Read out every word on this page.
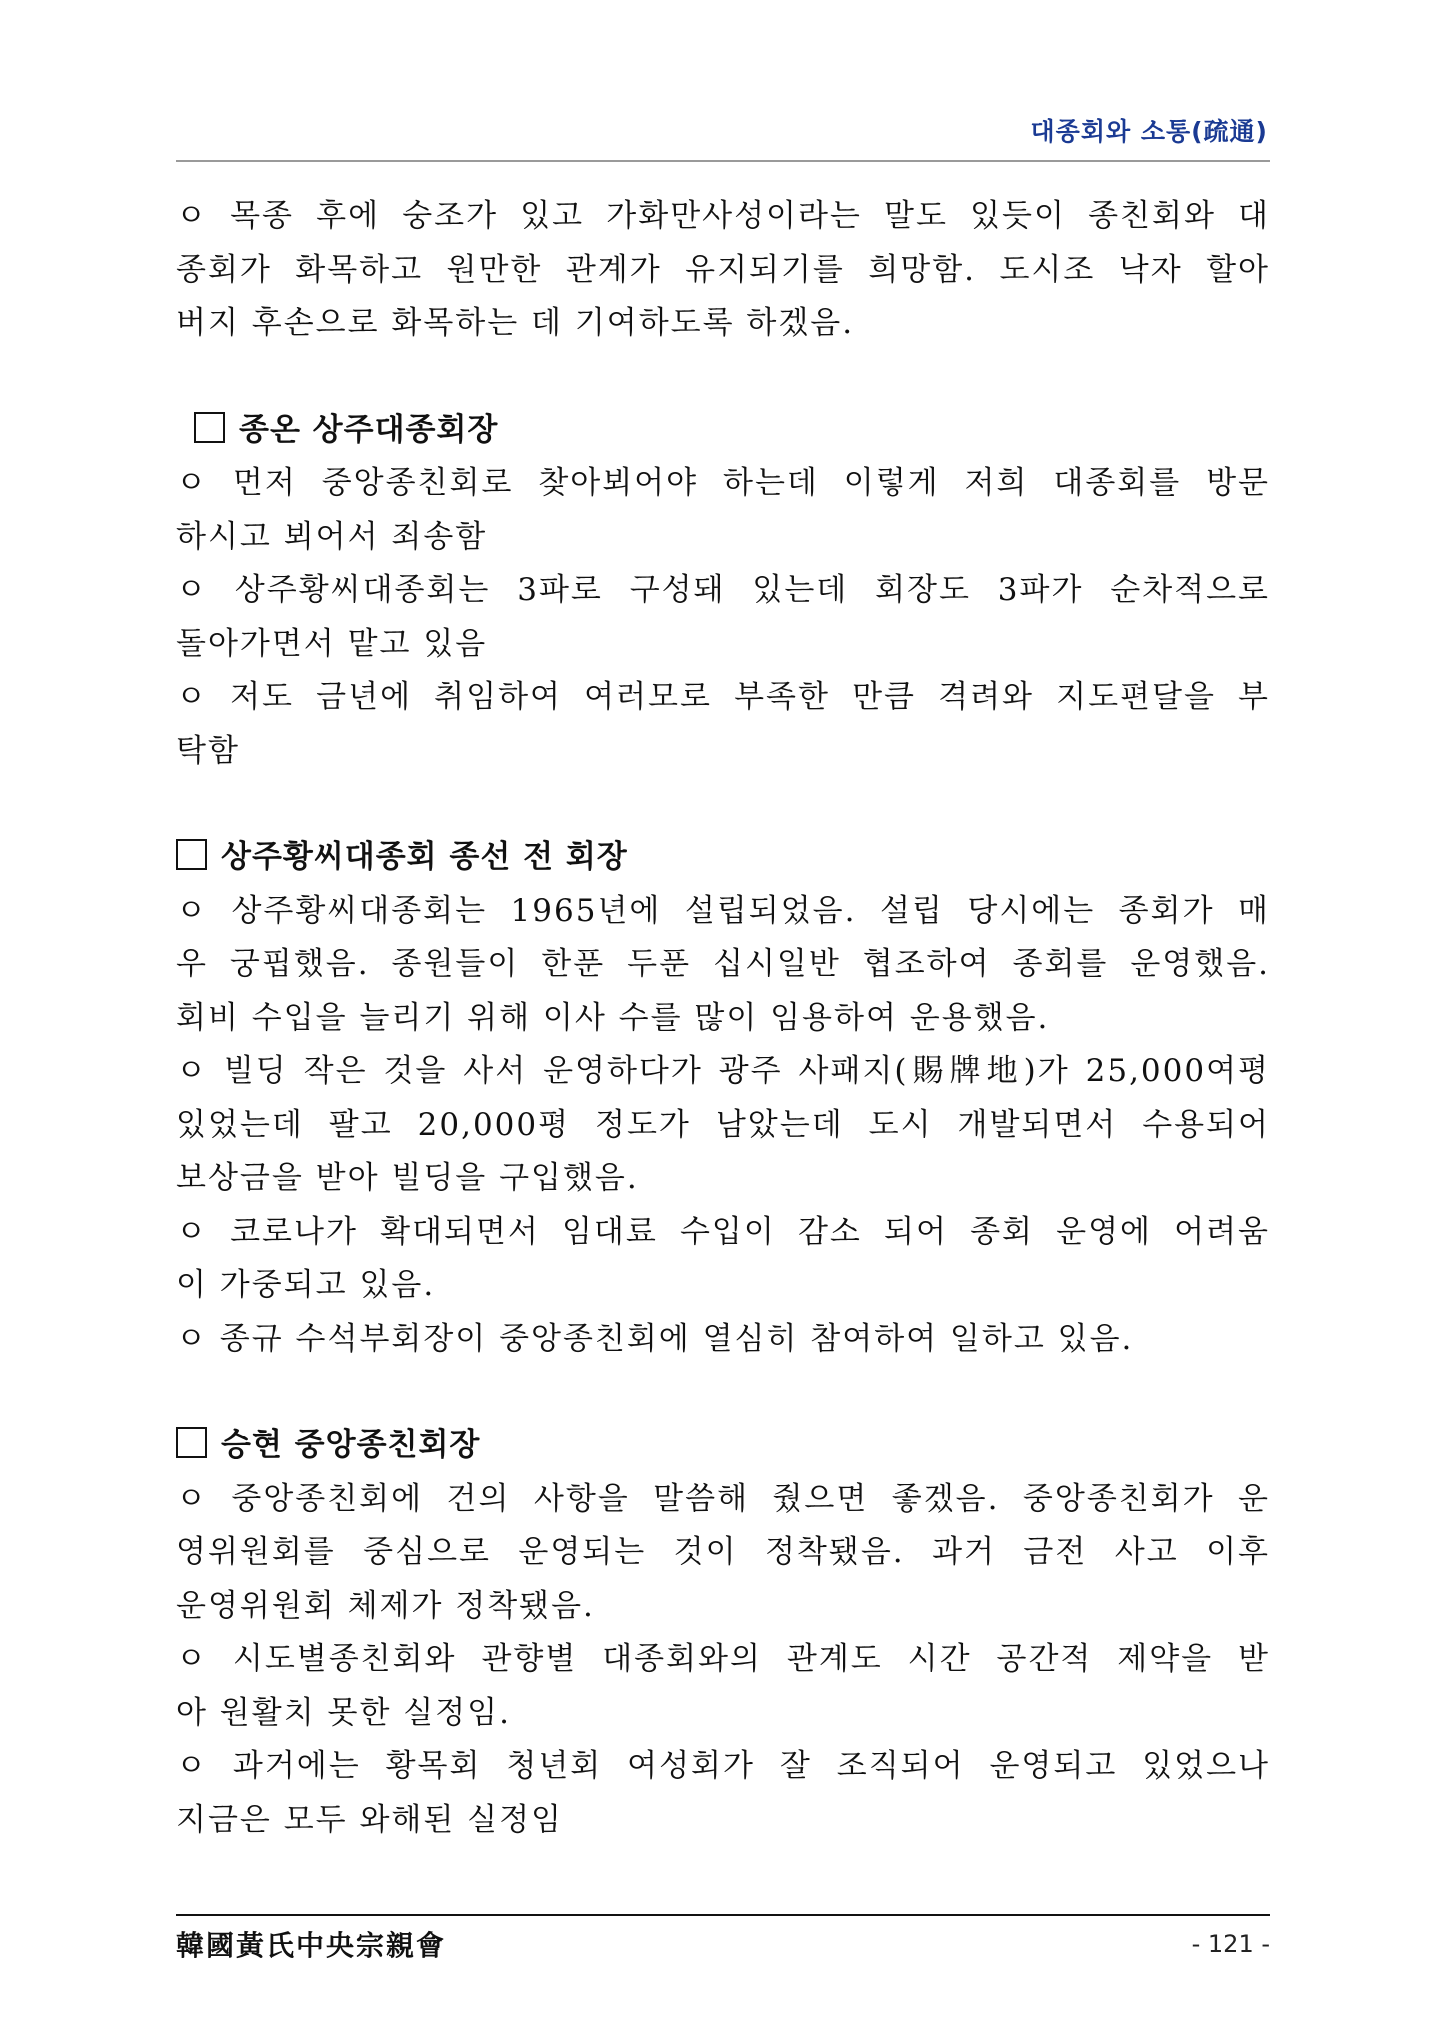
대종회와 소통(疏通)
ㅇ 목종 후에 숭조가 있고 가화만사성이라는 말도 있듯이 종친회와 대
종회가 화목하고 원만한 관계가 유지되기를 희망함. 도시조 낙자 할아
버지 후손으로 화목하는 데 기여하도록 하겠음.
종온 상주대종회장
ㅇ 먼저 중앙종친회로 찾아뵈어야 하는데 이렇게 저희 대종회를 방문
하시고 뵈어서 죄송함
ㅇ 상주황씨대종회는 3파로 구성돼 있는데 회장도 3파가 순차적으로
돌아가면서 맡고 있음
ㅇ 저도 금년에 취임하여 여러모로 부족한 만큼 격려와 지도편달을 부
탁함
상주황씨대종회 종선 전 회장
ㅇ 상주황씨대종회는 1965년에 설립되었음. 설립 당시에는 종회가 매
우 궁핍했음. 종원들이 한푼 두푼 십시일반 협조하여 종회를 운영했음.
회비 수입을 늘리기 위해 이사 수를 많이 임용하여 운용했음.
ㅇ 빌딩 작은 것을 사서 운영하다가 광주 사패지(賜牌地)가 25,000여평
있었는데 팔고 20,000평 정도가 남았는데 도시 개발되면서 수용되어
보상금을 받아 빌딩을 구입했음.
ㅇ 코로나가 확대되면서 임대료 수입이 감소 되어 종회 운영에 어려움
이 가중되고 있음.
ㅇ 종규 수석부회장이 중앙종친회에 열심히 참여하여 일하고 있음.
승현 중앙종친회장
ㅇ 중앙종친회에 건의 사항을 말씀해 줬으면 좋겠음. 중앙종친회가 운
영위원회를 중심으로 운영되는 것이 정착됐음. 과거 금전 사고 이후
운영위원회 체제가 정착됐음.
ㅇ 시도별종친회와 관향별 대종회와의 관계도 시간 공간적 제약을 받
아 원활치 못한 실정임.
ㅇ 과거에는 황목회 청년회 여성회가 잘 조직되어 운영되고 있었으나
지금은 모두 와해된 실정임
韓國黃氏中央宗親會	- 121 -
